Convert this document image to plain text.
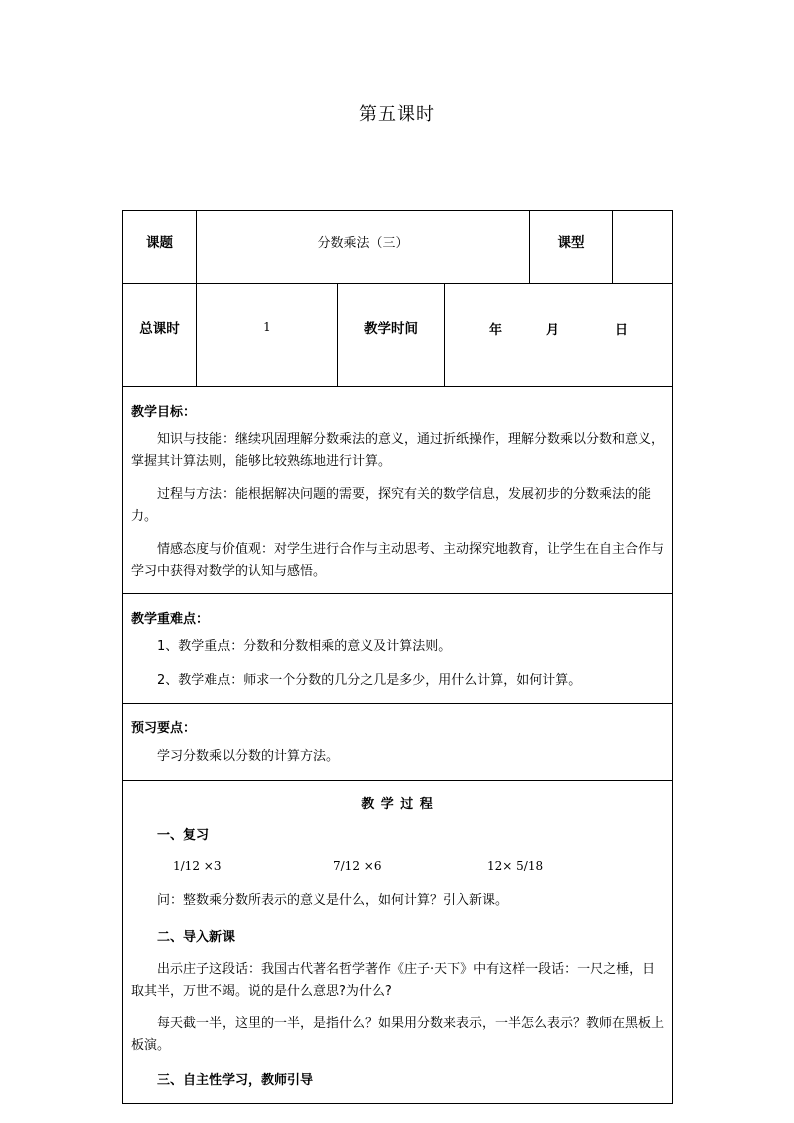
第五课时
课题	分数乘法（三）	课型
总课时	1	教学时间	年	月	日
教学目标：
知识与技能：继续巩固理解分数乘法的意义，通过折纸操作，理解分数乘以分数和意义，掌握其计算法则，能够比较熟练地进行计算。
过程与方法：能根据解决问题的需要，探究有关的数学信息，发展初步的分数乘法的能力。
情感态度与价值观：对学生进行合作与主动思考、主动探究地教育，让学生在自主合作与学习中获得对数学的认知与感悟。
教学重难点：
1、教学重点：分数和分数相乘的意义及计算法则。
2、教学难点：师求一个分数的几分之几是多少，用什么计算，如何计算。
预习要点：
学习分数乘以分数的计算方法。
教 学 过 程
一、复习
1/12 ×3	7/12 ×6	12× 5/18
问：整数乘分数所表示的意义是什么，如何计算？引入新课。
二、导入新课
出示庄子这段话：我国古代著名哲学著作《庄子·天下》中有这样一段话：一尺之棰，日取其半，万世不竭。说的是什么意思?为什么?
每天截一半，这里的一半，是指什么？如果用分数来表示，一半怎么表示？教师在黑板上板演。
三、自主性学习，教师引导
